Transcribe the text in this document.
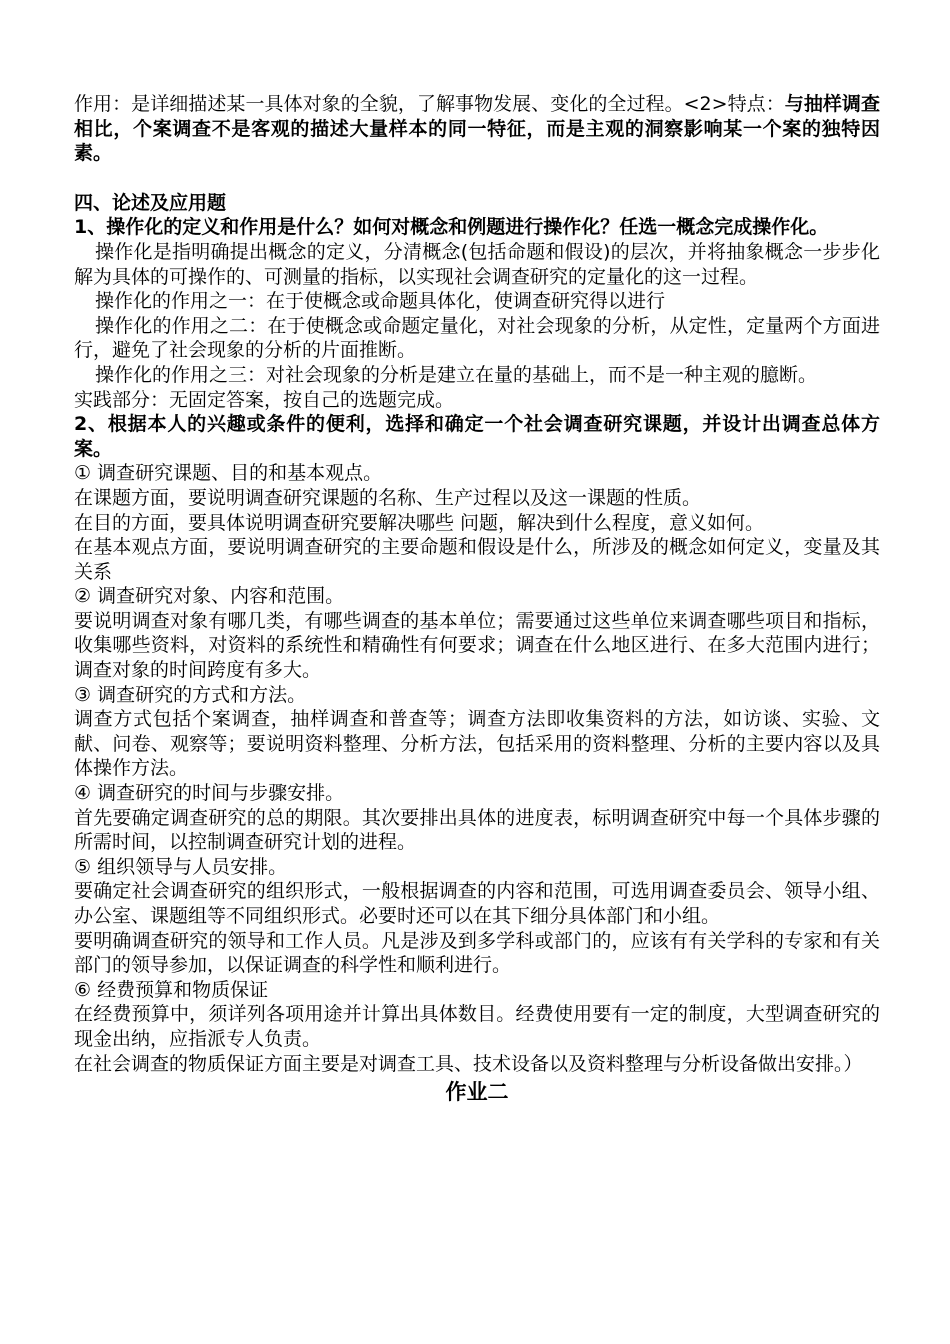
作用：是详细描述某一具体对象的全貌，了解事物发展、变化的全过程。<2>特点：与抽样调查相比，个案调查不是客观的描述大量样本的同一特征，而是主观的洞察影响某一个案的独特因素。

四、论述及应用题

1、操作化的定义和作用是什么？如何对概念和例题进行操作化？任选一概念完成操作化。

操作化是指明确提出概念的定义，分清概念(包括命题和假设)的层次，并将抽象概念一步步化解为具体的可操作的、可测量的指标，以实现社会调查研究的定量化的这一过程。

操作化的作用之一：在于使概念或命题具体化，使调查研究得以进行

操作化的作用之二：在于使概念或命题定量化，对社会现象的分析，从定性，定量两个方面进行，避免了社会现象的分析的片面推断。

操作化的作用之三：对社会现象的分析是建立在量的基础上，而不是一种主观的臆断。

实践部分：无固定答案，按自己的选题完成。

2、根据本人的兴趣或条件的便利，选择和确定一个社会调查研究课题，并设计出调查总体方案。

① 调查研究课题、目的和基本观点。

在课题方面，要说明调查研究课题的名称、生产过程以及这一课题的性质。

在目的方面，要具体说明调查研究要解决哪些 问题，解决到什么程度，意义如何。

在基本观点方面，要说明调查研究的主要命题和假设是什么，所涉及的概念如何定义，变量及其关系

② 调查研究对象、内容和范围。

要说明调查对象有哪几类，有哪些调查的基本单位；需要通过这些单位来调查哪些项目和指标，收集哪些资料，对资料的系统性和精确性有何要求；调查在什么地区进行、在多大范围内进行；调查对象的时间跨度有多大。

③ 调查研究的方式和方法。

调查方式包括个案调查，抽样调查和普查等；调查方法即收集资料的方法，如访谈、实验、文献、问卷、观察等；要说明资料整理、分析方法，包括采用的资料整理、分析的主要内容以及具体操作方法。

④ 调查研究的时间与步骤安排。

首先要确定调查研究的总的期限。其次要排出具体的进度表，标明调查研究中每一个具体步骤的所需时间，以控制调查研究计划的进程。

⑤ 组织领导与人员安排。

要确定社会调查研究的组织形式，一般根据调查的内容和范围，可选用调查委员会、领导小组、办公室、课题组等不同组织形式。必要时还可以在其下细分具体部门和小组。

要明确调查研究的领导和工作人员。凡是涉及到多学科或部门的，应该有有关学科的专家和有关部门的领导参加，以保证调查的科学性和顺利进行。

⑥ 经费预算和物质保证

在经费预算中，须详列各项用途并计算出具体数目。经费使用要有一定的制度，大型调查研究的现金出纳，应指派专人负责。

在社会调查的物质保证方面主要是对调查工具、技术设备以及资料整理与分析设备做出安排。）

作业二
